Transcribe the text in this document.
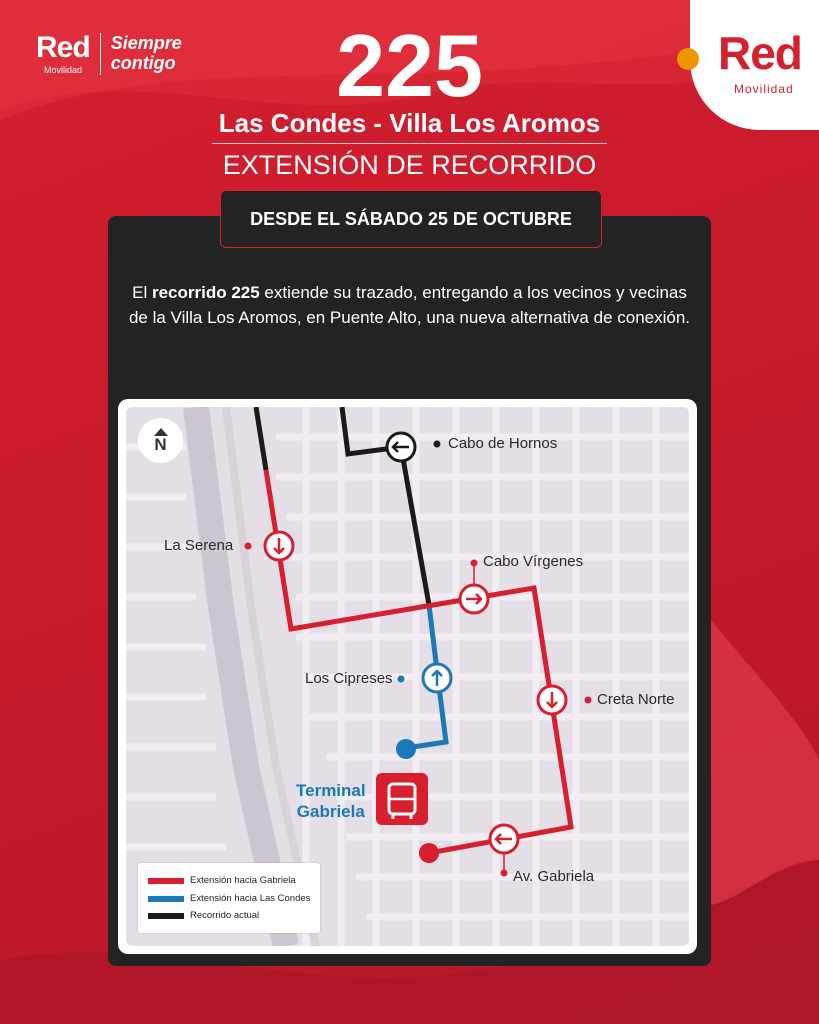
Red
Movilidad
Siempre
contigo	Red
Movilidad
225
Las Condes - Villa Los Aromos
EXTENSIÓN DE RECORRIDO
DESDE EL SÁBADO 25 DE OCTUBRE
El recorrido 225 extiende su trazado, entregando a los vecinos y vecinas de la Villa Los Aromos, en Puente Alto, una nueva alternativa de conexión.
N	Cabo de Hornos
La Serena
Cabo Vírgenes
Los Cipreses
Creta Norte
Av. Gabriela
Terminal
Gabriela
Extensión hacia Gabriela
Extensión hacia Las Condes
Recorrido actual
